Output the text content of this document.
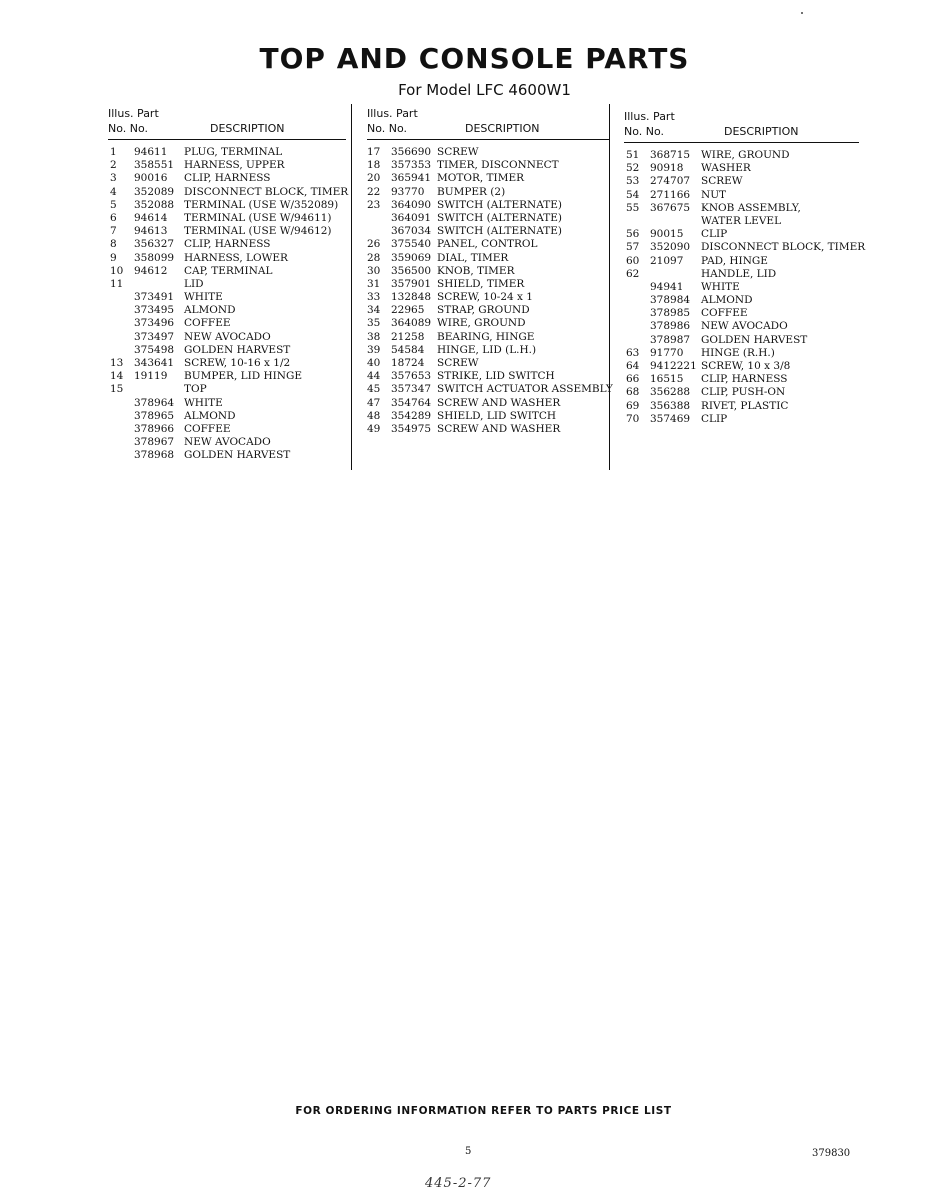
TOP AND CONSOLE PARTS
For Model LFC 4600W1
Illus. Part
No. No.	DESCRIPTION
1 94611 PLUG, TERMINAL
2 358551 HARNESS, UPPER
3 90016 CLIP, HARNESS
4 352089 DISCONNECT BLOCK, TIMER
5 352088 TERMINAL (USE W/352089)
6 94614 TERMINAL (USE W/94611)
7 94613 TERMINAL (USE W/94612)
8 356327 CLIP, HARNESS
9 358099 HARNESS, LOWER
10 94612 CAP, TERMINAL
11	LID
373491 WHITE
373495 ALMOND
373496 COFFEE
373497 NEW AVOCADO
375498 GOLDEN HARVEST
13 343641 SCREW, 10-16 x 1/2
14 19119 BUMPER, LID HINGE
15	TOP
378964 WHITE
378965 ALMOND
378966 COFFEE
378967 NEW AVOCADO
378968 GOLDEN HARVEST
Illus. Part
No. No.	DESCRIPTION
17 356690 SCREW
18 357353 TIMER, DISCONNECT
20 365941 MOTOR, TIMER
22 93770 BUMPER (2)
23 364090 SWITCH (ALTERNATE)
364091 SWITCH (ALTERNATE)
367034 SWITCH (ALTERNATE)
26 375540 PANEL, CONTROL
28 359069 DIAL, TIMER
30 356500 KNOB, TIMER
31 357901 SHIELD, TIMER
33 132848 SCREW, 10-24 x 1
34 22965 STRAP, GROUND
35 364089 WIRE, GROUND
38 21258 BEARING, HINGE
39 54584 HINGE, LID (L.H.)
40 18724 SCREW
44 357653 STRIKE, LID SWITCH
45 357347 SWITCH ACTUATOR ASSEMBLY
47 354764 SCREW AND WASHER
48 354289 SHIELD, LID SWITCH
49 354975 SCREW AND WASHER
Illus. Part
No. No.	DESCRIPTION
51 368715 WIRE, GROUND
52 90918 WASHER
53 274707 SCREW
54 271166 NUT
55 367675 KNOB ASSEMBLY,
WATER LEVEL
56 90015 CLIP
57 352090 DISCONNECT BLOCK, TIMER
60 21097 PAD, HINGE
62	HANDLE, LID
94941 WHITE
378984 ALMOND
378985 COFFEE
378986 NEW AVOCADO
378987 GOLDEN HARVEST
63 91770 HINGE (R.H.)
64 9412221 SCREW, 10 x 3/8
66 16515 CLIP, HARNESS
68 356288 CLIP, PUSH-ON
69 356388 RIVET, PLASTIC
70 357469 CLIP
FOR ORDERING INFORMATION REFER TO PARTS PRICE LIST
5	379830
445-2-77
